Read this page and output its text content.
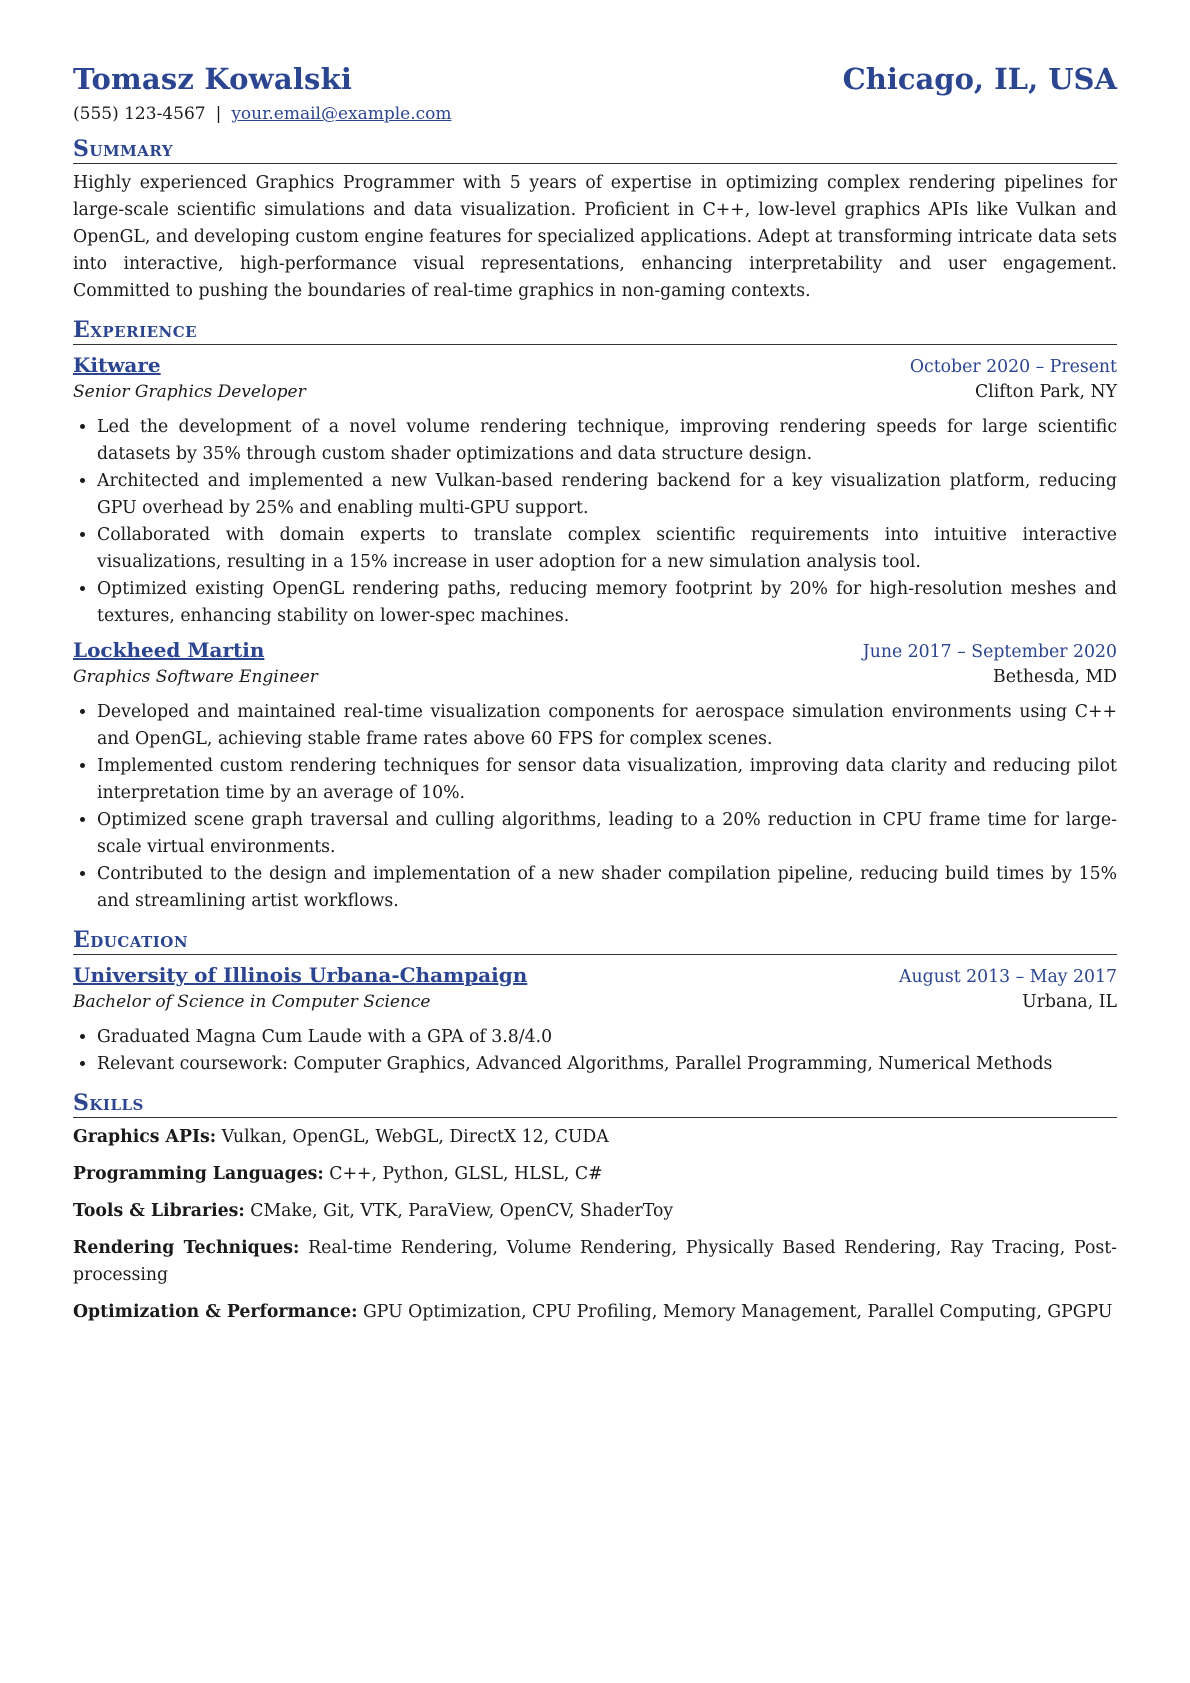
Tomasz Kowalski	Chicago, IL, USA
(555) 123-4567 | your.email@example.com
Summary
Highly experienced Graphics Programmer with 5 years of expertise in optimizing complex rendering pipelines for large-scale scientific simulations and data visualization. Proficient in C++, low-level graphics APIs like Vulkan and OpenGL, and developing custom engine features for specialized applications. Adept at transforming intricate data sets into interactive, high-performance visual representations, enhancing interpretability and user engagement. Committed to pushing the boundaries of real-time graphics in non-gaming contexts.
Experience
Kitware	October 2020 – Present
Senior Graphics Developer	Clifton Park, NY
• Led the development of a novel volume rendering technique, improving rendering speeds for large scientific datasets by 35% through custom shader optimizations and data structure design.
• Architected and implemented a new Vulkan-based rendering backend for a key visualization platform, reducing GPU overhead by 25% and enabling multi-GPU support.
• Collaborated with domain experts to translate complex scientific requirements into intuitive interactive visualizations, resulting in a 15% increase in user adoption for a new simulation analysis tool.
• Optimized existing OpenGL rendering paths, reducing memory footprint by 20% for high-resolution meshes and textures, enhancing stability on lower-spec machines.
Lockheed Martin	June 2017 – September 2020
Graphics Software Engineer	Bethesda, MD
• Developed and maintained real-time visualization components for aerospace simulation environments using C++ and OpenGL, achieving stable frame rates above 60 FPS for complex scenes.
• Implemented custom rendering techniques for sensor data visualization, improving data clarity and reducing pilot interpretation time by an average of 10%.
• Optimized scene graph traversal and culling algorithms, leading to a 20% reduction in CPU frame time for large-scale virtual environments.
• Contributed to the design and implementation of a new shader compilation pipeline, reducing build times by 15% and streamlining artist workflows.
Education
University of Illinois Urbana-Champaign	August 2013 – May 2017
Bachelor of Science in Computer Science	Urbana, IL
• Graduated Magna Cum Laude with a GPA of 3.8/4.0
• Relevant coursework: Computer Graphics, Advanced Algorithms, Parallel Programming, Numerical Methods
Skills
Graphics APIs: Vulkan, OpenGL, WebGL, DirectX 12, CUDA
Programming Languages: C++, Python, GLSL, HLSL, C#
Tools & Libraries: CMake, Git, VTK, ParaView, OpenCV, ShaderToy
Rendering Techniques: Real-time Rendering, Volume Rendering, Physically Based Rendering, Ray Tracing, Post-processing
Optimization & Performance: GPU Optimization, CPU Profiling, Memory Management, Parallel Computing, GPGPU
